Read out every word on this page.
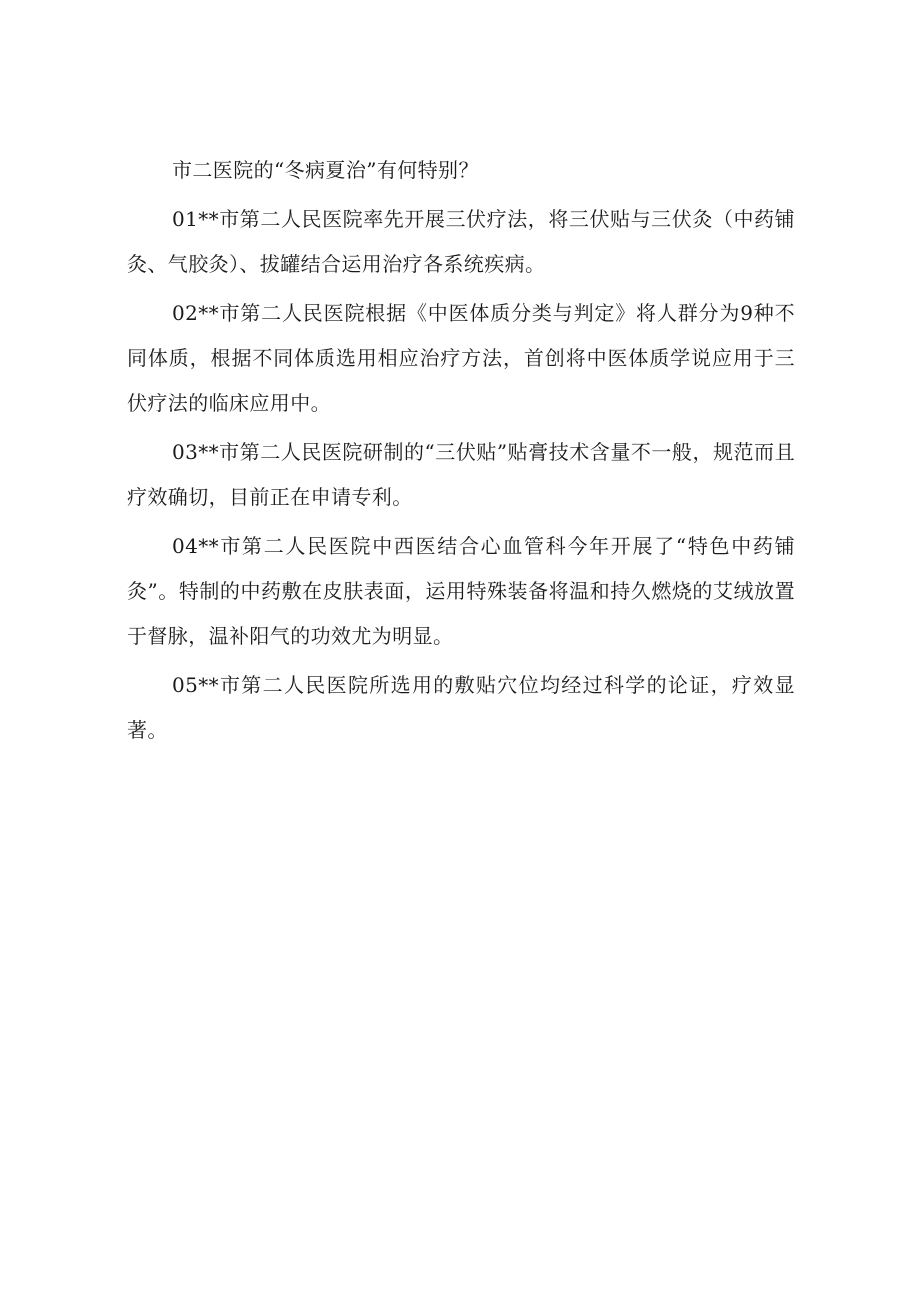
市二医院的“冬病夏治”有何特别？

01**市第二人民医院率先开展三伏疗法，将三伏贴与三伏灸（中药铺灸、气胶灸）、拔罐结合运用治疗各系统疾病。

02**市第二人民医院根据《中医体质分类与判定》将人群分为9种不同体质，根据不同体质选用相应治疗方法，首创将中医体质学说应用于三伏疗法的临床应用中。

03**市第二人民医院研制的“三伏贴”贴膏技术含量不一般，规范而且疗效确切，目前正在申请专利。

04**市第二人民医院中西医结合心血管科今年开展了“特色中药铺灸”。特制的中药敷在皮肤表面，运用特殊装备将温和持久燃烧的艾绒放置于督脉，温补阳气的功效尤为明显。

05**市第二人民医院所选用的敷贴穴位均经过科学的论证，疗效显著。
